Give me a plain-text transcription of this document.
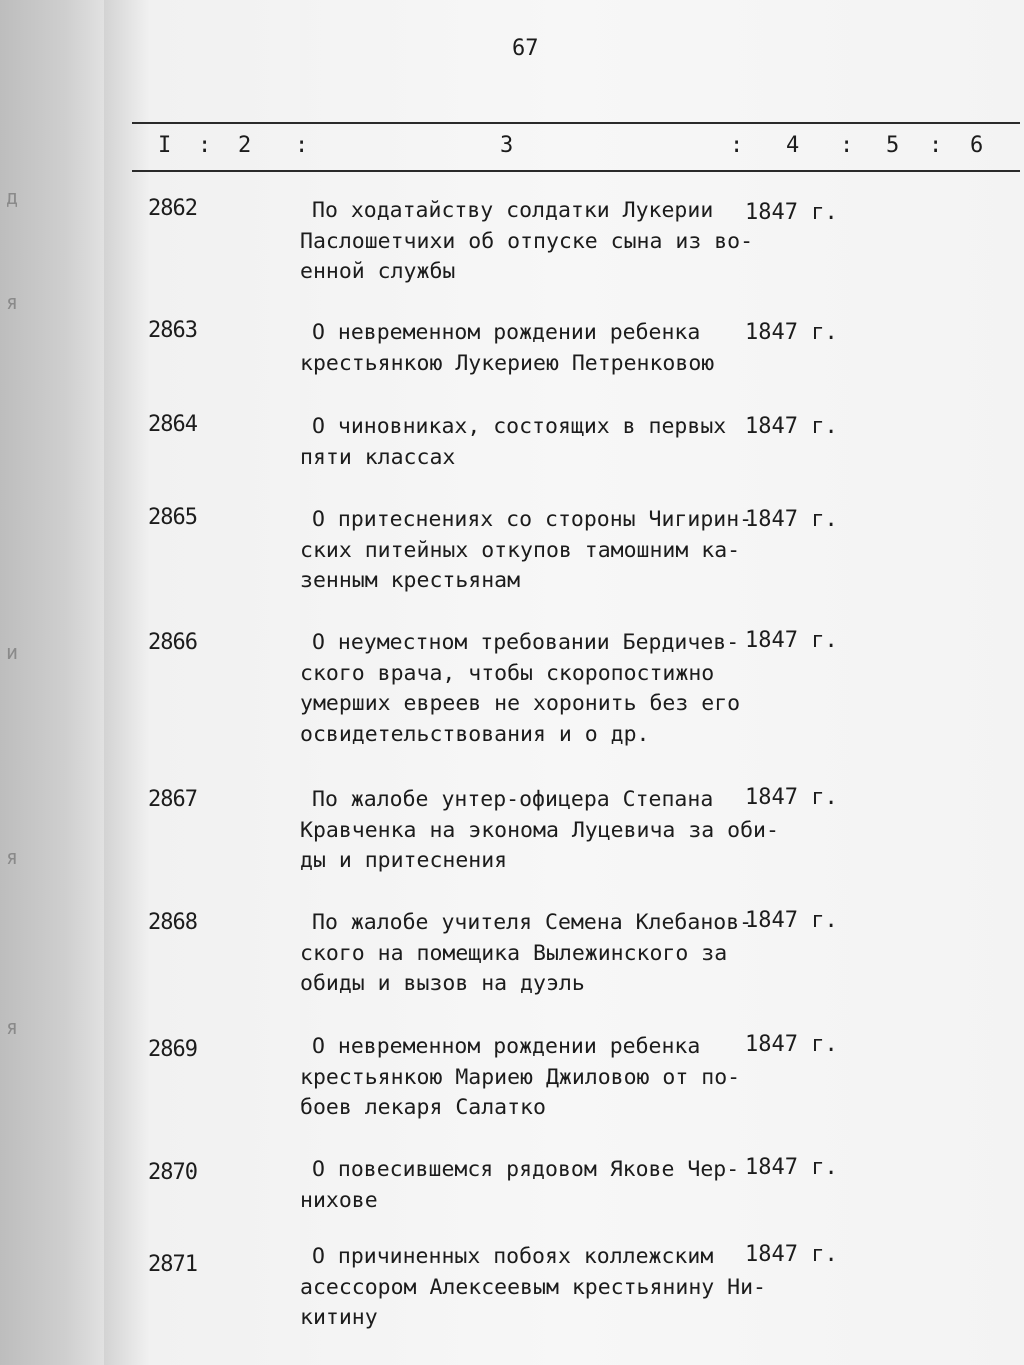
д
я
и
я
я
67
I : 2 :	3	: 4 : 5 : 6
2862	По ходатайству солдатки Лукерии
Паслошетчихи об отпуске сына из во-
енной службы
1847 г.
2863	О невременном рождении ребенка
крестьянкою Лукериею Петренковою
1847 г.
2864	О чиновниках, состоящих в первых
пяти классах
1847 г.
2865	О притеснениях со стороны Чигирин-
ских питейных откупов тамошним ка-
зенным крестьянам
1847 г.
2866	О неуместном требовании Бердичев-
ского врача, чтобы скоропостижно
умерших евреев не хоронить без его
освидетельствования и о др.
1847 г.
2867	По жалобе унтер-офицера Степана
Кравченка на эконома Луцевича за оби-
ды и притеснения
1847 г.
2868	По жалобе учителя Семена Клебанов-
ского на помещика Вылежинского за
обиды и вызов на дуэль
1847 г.
2869	О невременном рождении ребенка
крестьянкою Мариею Джиловою от по-
боев лекаря Салатко
1847 г.
2870	О повесившемся рядовом Якове Чер-
нихове
1847 г.
2871	О причиненных побоях коллежским
асессором Алексеевым крестьянину Ни-
китину
1847 г.
